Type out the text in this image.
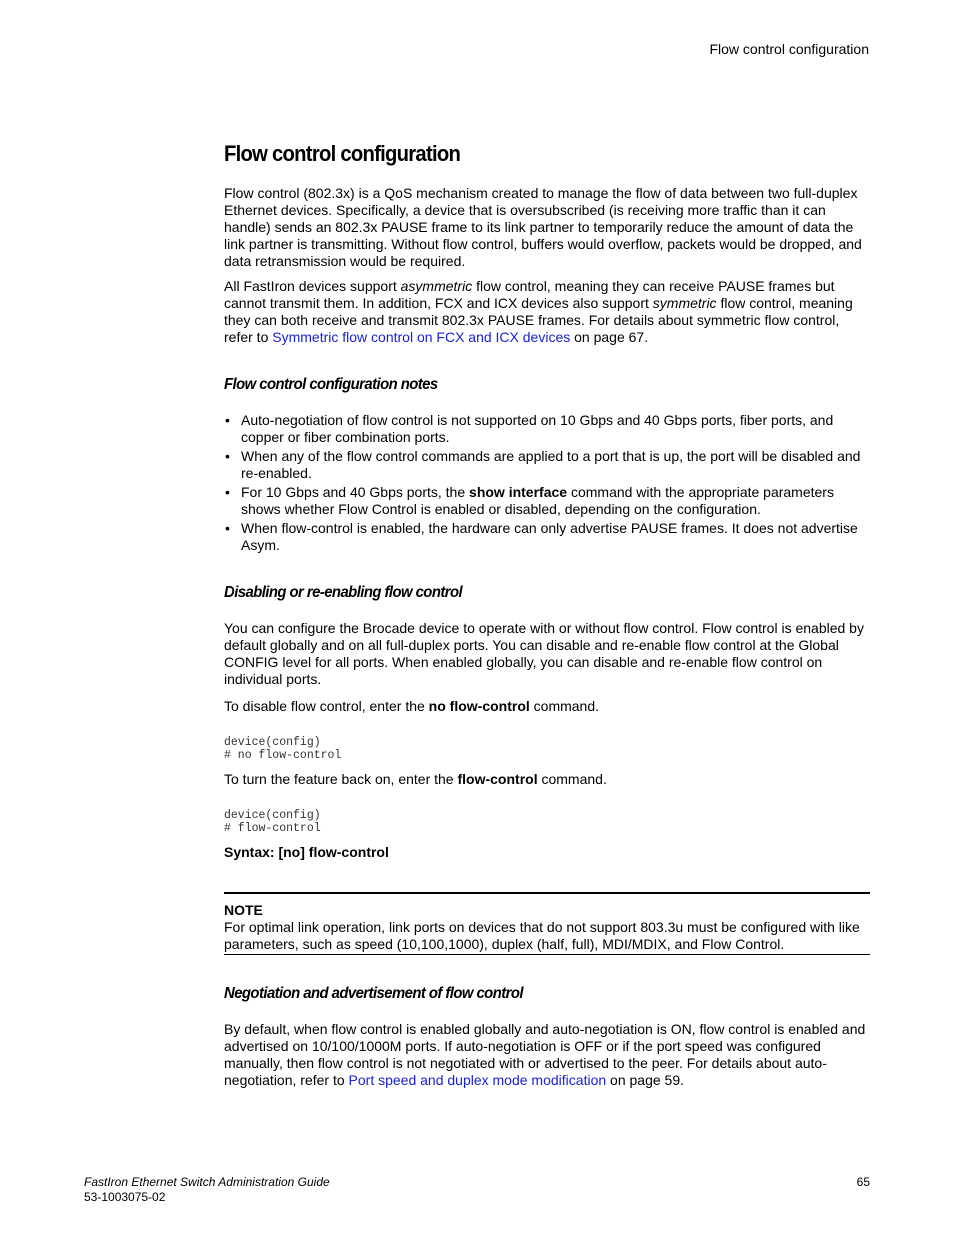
Flow control configuration
Flow control configuration

Flow control (802.3x) is a QoS mechanism created to manage the flow of data between two full-duplex Ethernet devices. Specifically, a device that is oversubscribed (is receiving more traffic than it can handle) sends an 802.3x PAUSE frame to its link partner to temporarily reduce the amount of data the link partner is transmitting. Without flow control, buffers would overflow, packets would be dropped, and data retransmission would be required.

All FastIron devices support asymmetric flow control, meaning they can receive PAUSE frames but cannot transmit them. In addition, FCX and ICX devices also support symmetric flow control, meaning they can both receive and transmit 802.3x PAUSE frames. For details about symmetric flow control, refer to Symmetric flow control on FCX and ICX devices on page 67.

Flow control configuration notes
• Auto-negotiation of flow control is not supported on 10 Gbps and 40 Gbps ports, fiber ports, and copper or fiber combination ports.
• When any of the flow control commands are applied to a port that is up, the port will be disabled and re-enabled.
• For 10 Gbps and 40 Gbps ports, the show interface command with the appropriate parameters shows whether Flow Control is enabled or disabled, depending on the configuration.
• When flow-control is enabled, the hardware can only advertise PAUSE frames. It does not advertise Asym.
Disabling or re-enabling flow control

You can configure the Brocade device to operate with or without flow control. Flow control is enabled by default globally and on all full-duplex ports. You can disable and re-enable flow control at the Global CONFIG level for all ports. When enabled globally, you can disable and re-enable flow control on individual ports.

To disable flow control, enter the no flow-control command.

device(config)
# no flow-control

To turn the feature back on, enter the flow-control command.

device(config)
# flow-control

Syntax: [no] flow-control

NOTE

For optimal link operation, link ports on devices that do not support 803.3u must be configured with like parameters, such as speed (10,100,1000), duplex (half, full), MDI/MDIX, and Flow Control.

Negotiation and advertisement of flow control

By default, when flow control is enabled globally and auto-negotiation is ON, flow control is enabled and advertised on 10/100/1000M ports. If auto-negotiation is OFF or if the port speed was configured manually, then flow control is not negotiated with or advertised to the peer. For details about auto-negotiation, refer to Port speed and duplex mode modification on page 59.

FastIron Ethernet Switch Administration Guide
53-1003075-02
65
